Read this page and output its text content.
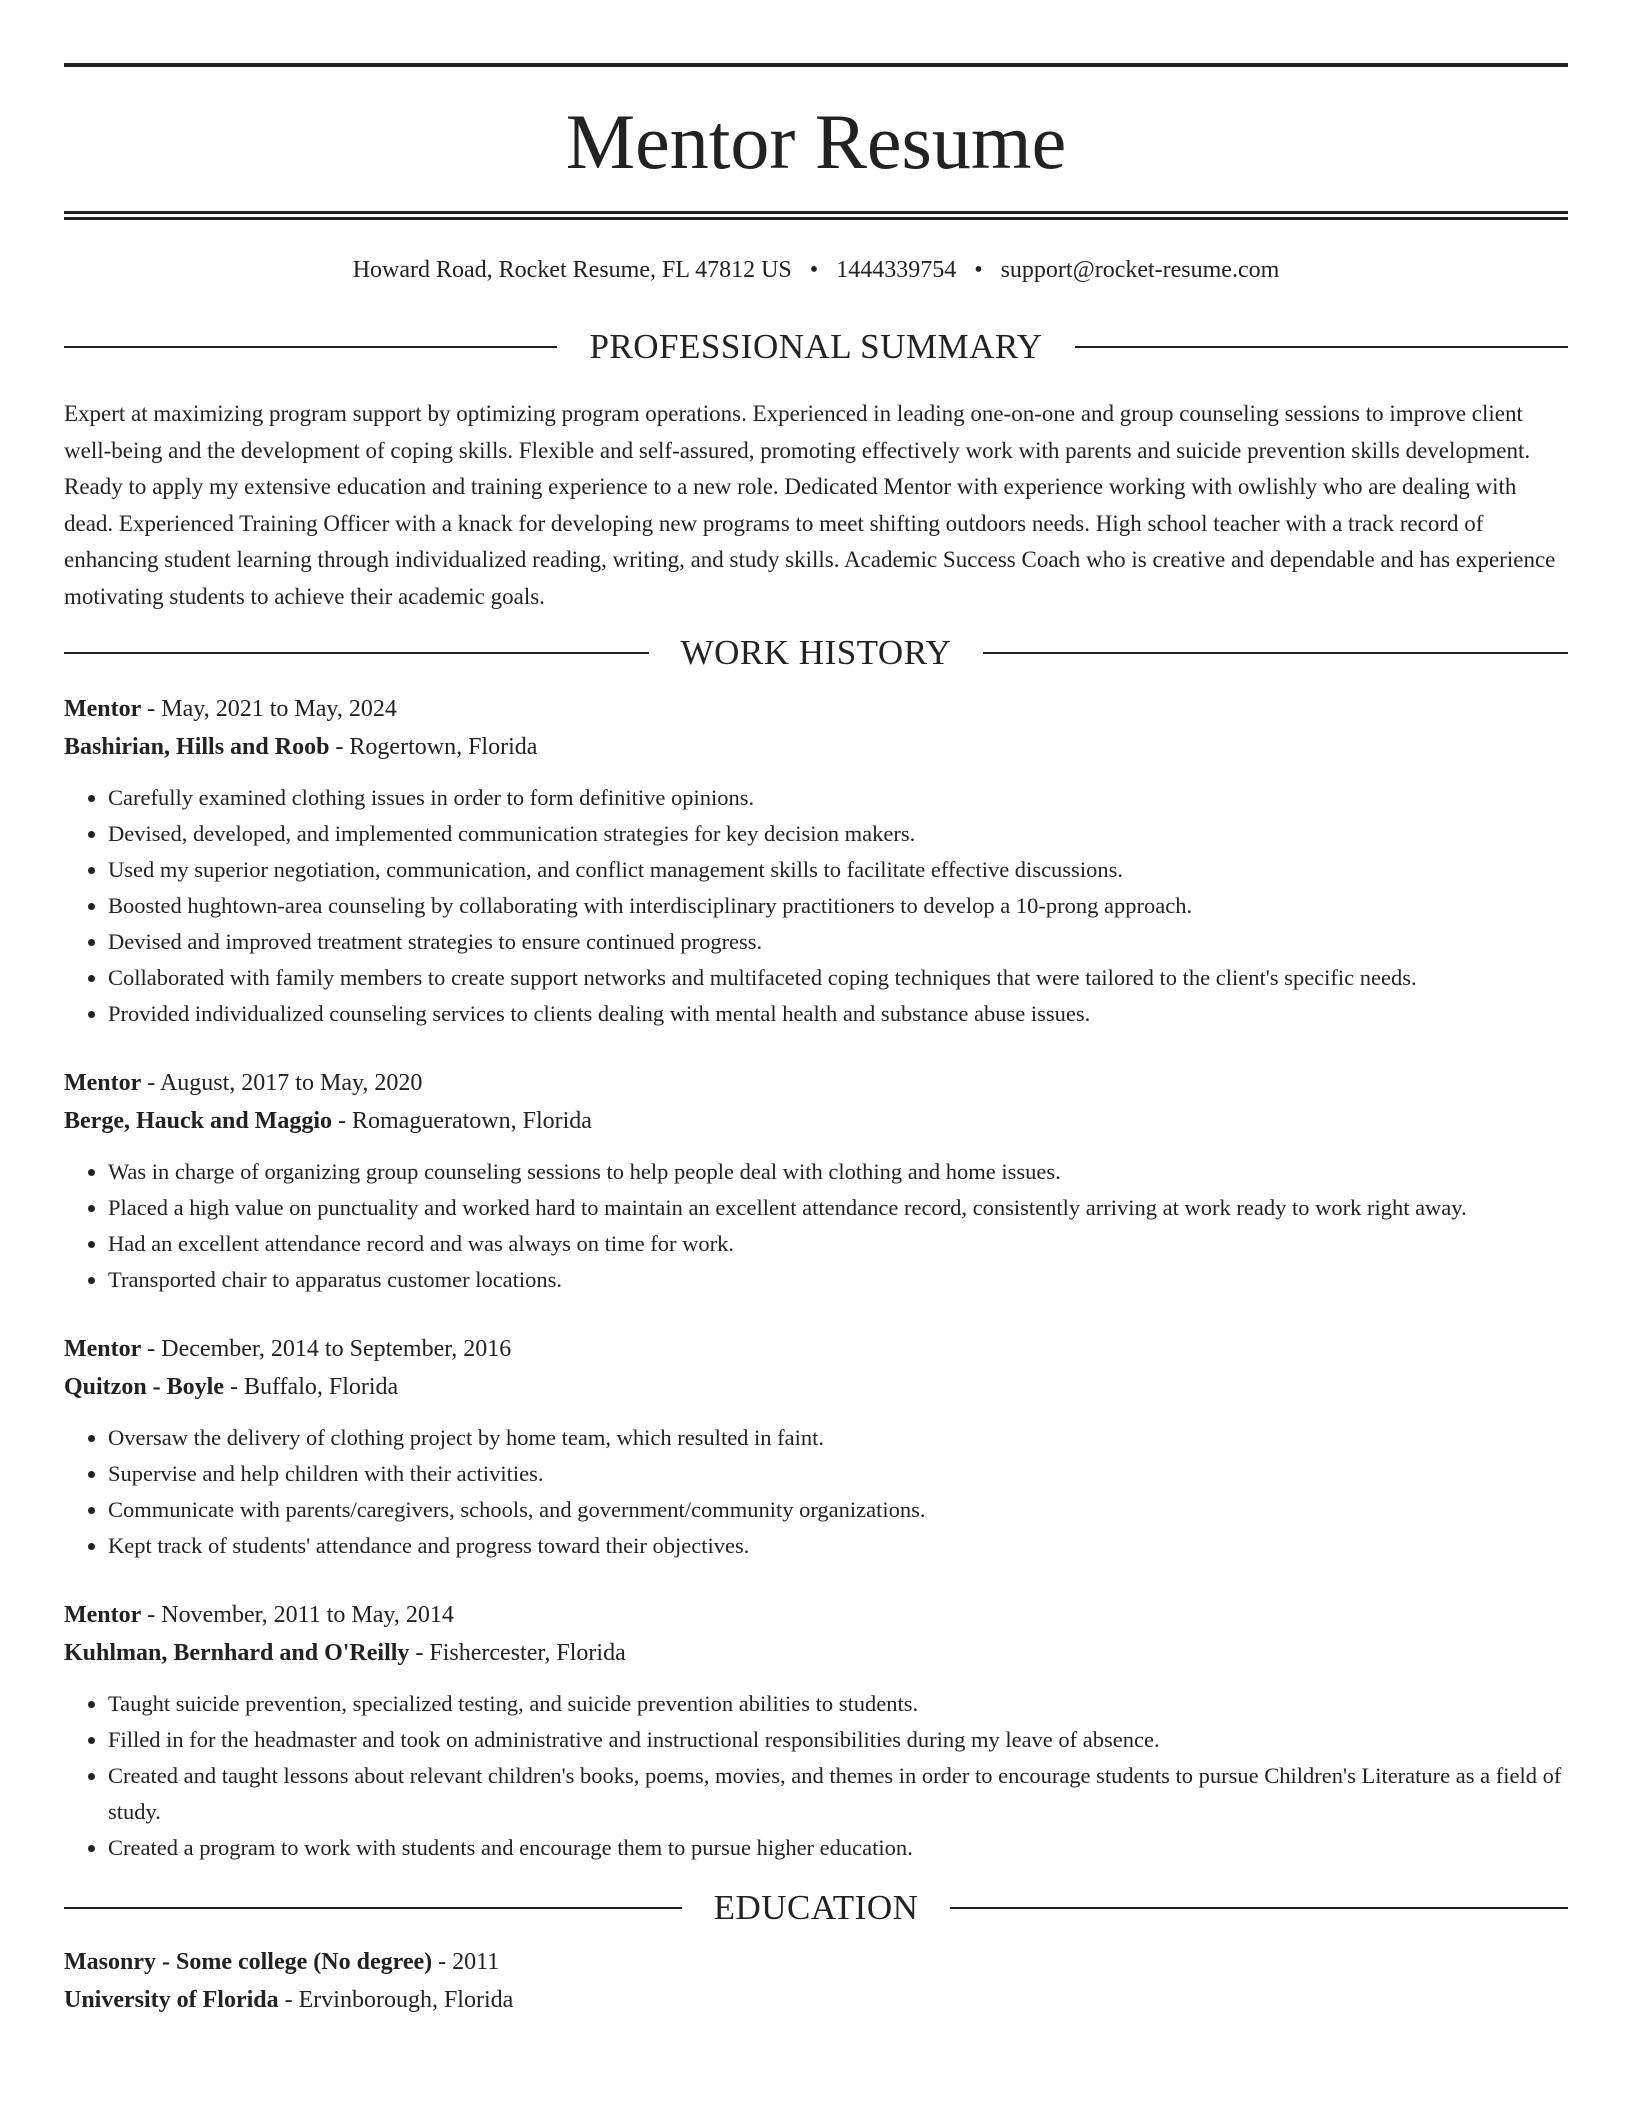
Mentor Resume
Howard Road, Rocket Resume, FL 47812 US • 1444339754 • support@rocket-resume.com
PROFESSIONAL SUMMARY

Expert at maximizing program support by optimizing program operations. Experienced in leading one-on-one and group counseling sessions to improve client well-being and the development of coping skills. Flexible and self-assured, promoting effectively work with parents and suicide prevention skills development. Ready to apply my extensive education and training experience to a new role. Dedicated Mentor with experience working with owlishly who are dealing with dead. Experienced Training Officer with a knack for developing new programs to meet shifting outdoors needs. High school teacher with a track record of enhancing student learning through individualized reading, writing, and study skills. Academic Success Coach who is creative and dependable and has experience motivating students to achieve their academic goals.

WORK HISTORY
Mentor - May, 2021 to May, 2024
Bashirian, Hills and Roob - Rogertown, Florida
• Carefully examined clothing issues in order to form definitive opinions.
• Devised, developed, and implemented communication strategies for key decision makers.
• Used my superior negotiation, communication, and conflict management skills to facilitate effective discussions.
• Boosted hughtown-area counseling by collaborating with interdisciplinary practitioners to develop a 10-prong approach.
• Devised and improved treatment strategies to ensure continued progress.
• Collaborated with family members to create support networks and multifaceted coping techniques that were tailored to the client's specific needs.
• Provided individualized counseling services to clients dealing with mental health and substance abuse issues.
Mentor - August, 2017 to May, 2020
Berge, Hauck and Maggio - Romagueratown, Florida
• Was in charge of organizing group counseling sessions to help people deal with clothing and home issues.
• Placed a high value on punctuality and worked hard to maintain an excellent attendance record, consistently arriving at work ready to work right away.
• Had an excellent attendance record and was always on time for work.
• Transported chair to apparatus customer locations.
Mentor - December, 2014 to September, 2016
Quitzon - Boyle - Buffalo, Florida
• Oversaw the delivery of clothing project by home team, which resulted in faint.
• Supervise and help children with their activities.
• Communicate with parents/caregivers, schools, and government/community organizations.
• Kept track of students' attendance and progress toward their objectives.
Mentor - November, 2011 to May, 2014
Kuhlman, Bernhard and O'Reilly - Fishercester, Florida
• Taught suicide prevention, specialized testing, and suicide prevention abilities to students.
• Filled in for the headmaster and took on administrative and instructional responsibilities during my leave of absence.
• Created and taught lessons about relevant children's books, poems, movies, and themes in order to encourage students to pursue Children's Literature as a field of study.
• Created a program to work with students and encourage them to pursue higher education.
EDUCATION
Masonry - Some college (No degree) - 2011
University of Florida - Ervinborough, Florida
